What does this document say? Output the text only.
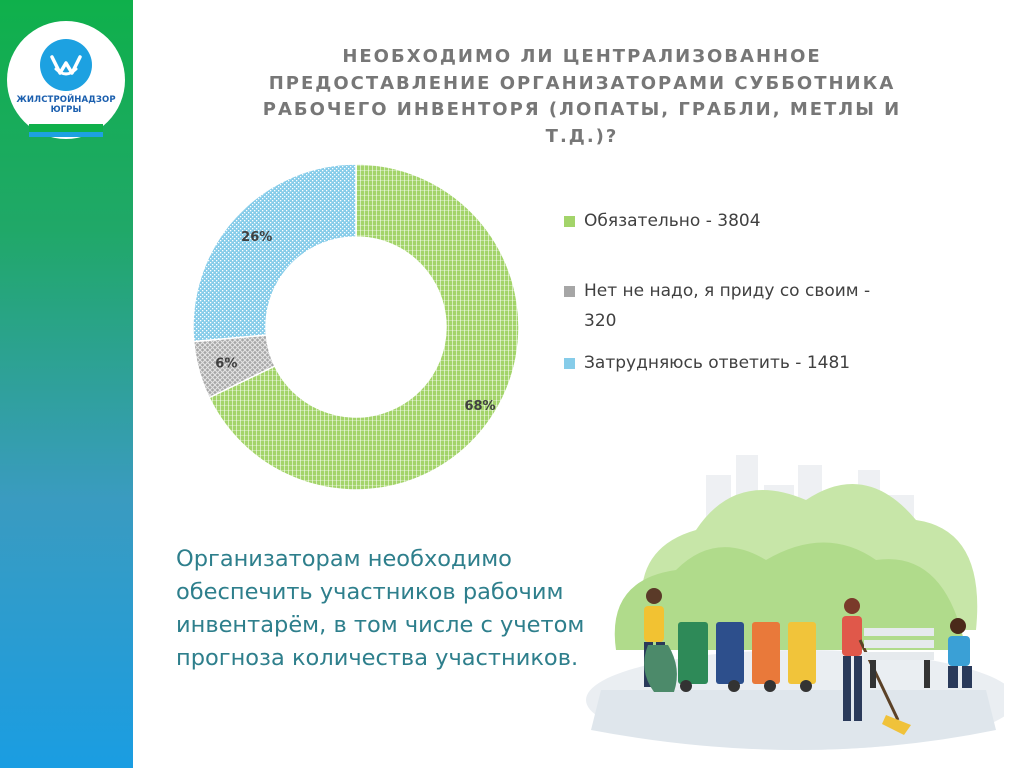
ЖИЛСТРОЙНАДЗОР
ЮГРЫ
НЕОБХОДИМО ЛИ ЦЕНТРАЛИЗОВАННОЕ ПРЕДОСТАВЛЕНИЕ ОРГАНИЗАТОРАМИ СУББОТНИКА РАБОЧЕГО ИНВЕНТОРЯ (ЛОПАТЫ, ГРАБЛИ, МЕТЛЫ И Т.Д.)?
68%
6%
26%
Обязательно - 3804
Нет не надо, я приду со своим - 320
Затрудняюсь ответить - 1481
Организаторам необходимо обеспечить участников рабочим инвентарём, в том числе с учетом прогноза количества участников.
